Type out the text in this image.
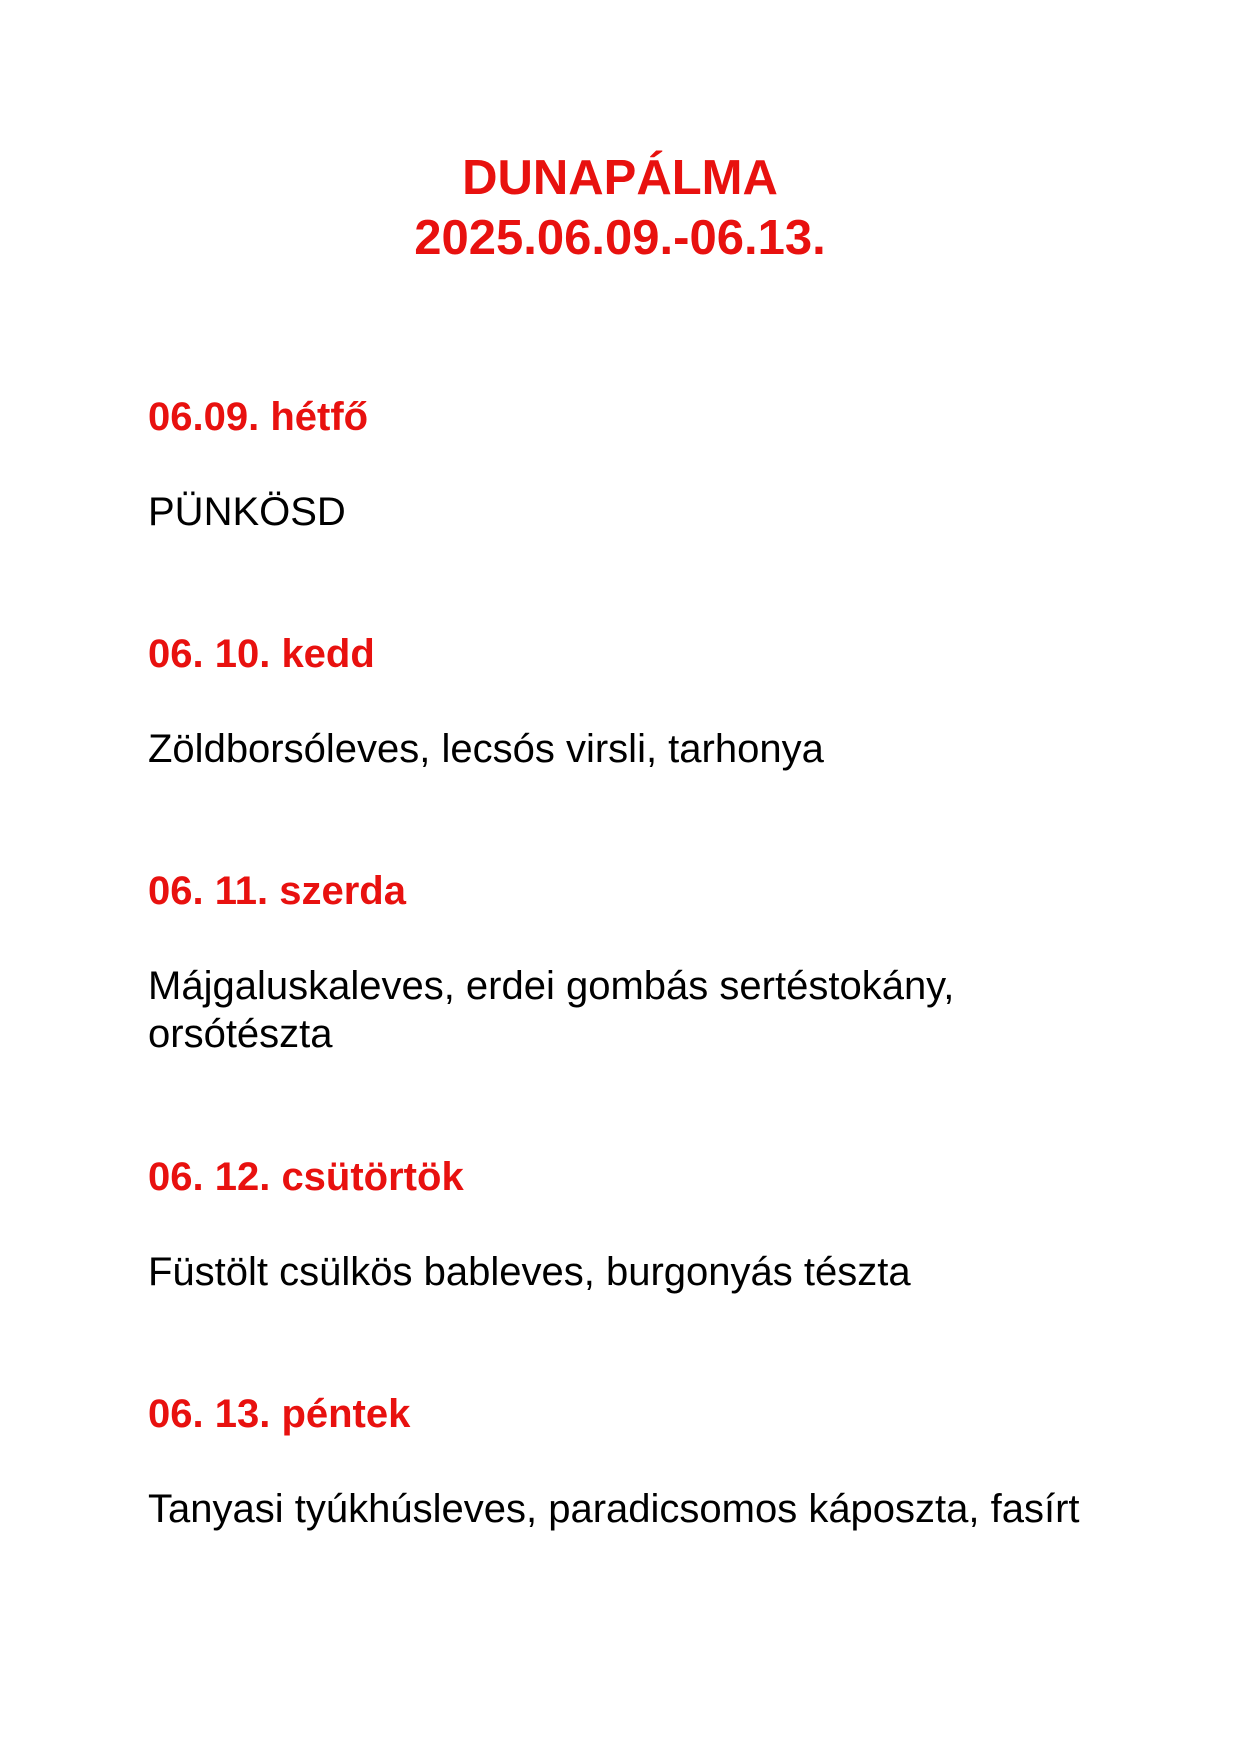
DUNAPÁLMA
2025.06.09.-06.13.
06.09. hétfő

PÜNKÖSD

06. 10. kedd

Zöldborsóleves, lecsós virsli, tarhonya

06. 11. szerda

Májgaluskaleves, erdei gombás sertéstokány, orsótészta

06. 12. csütörtök

Füstölt csülkös bableves, burgonyás tészta

06. 13. péntek

Tanyasi tyúkhúsleves, paradicsomos káposzta, fasírt
